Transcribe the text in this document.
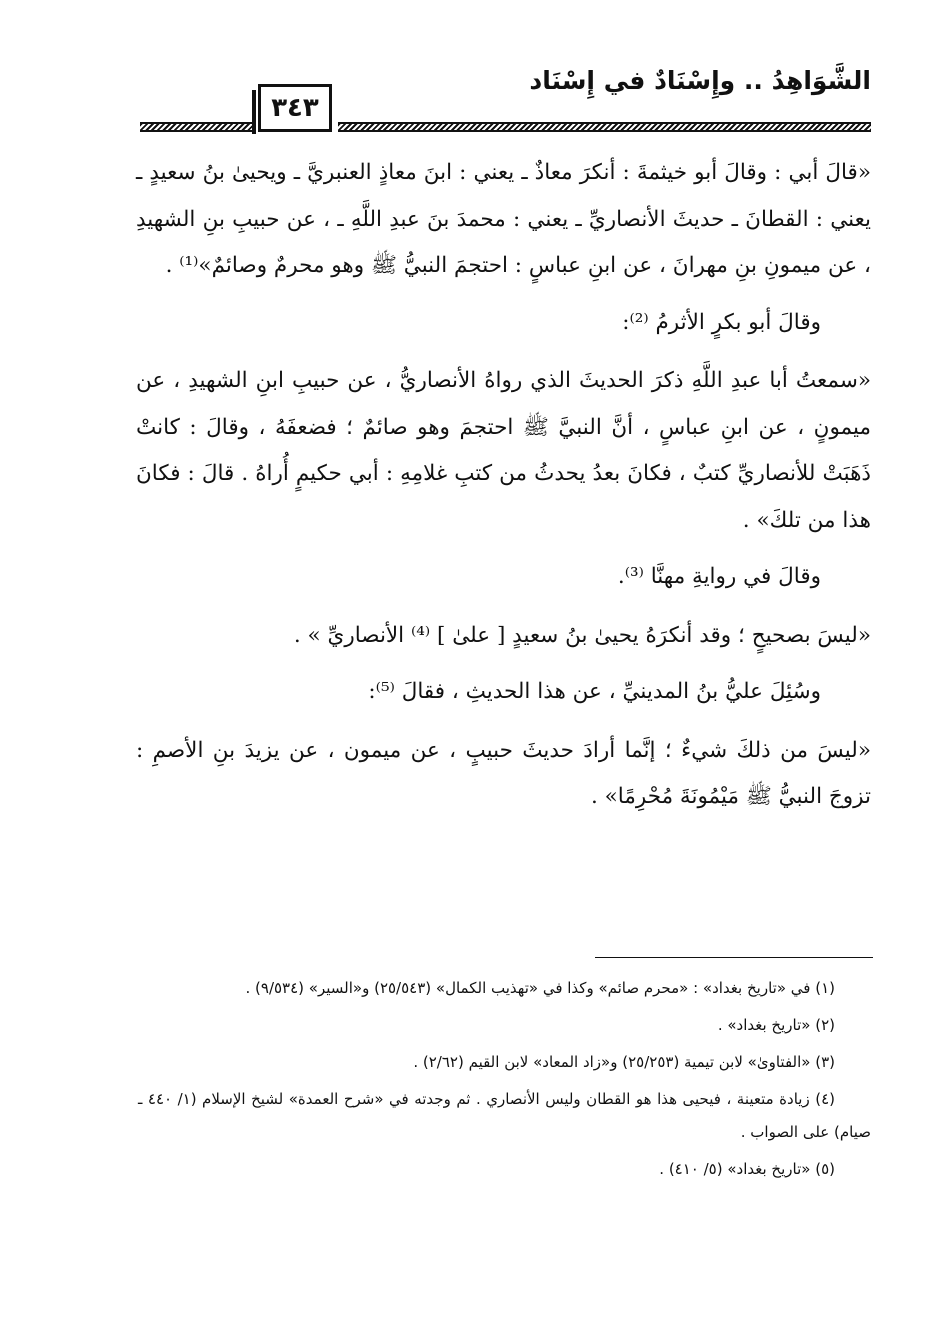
الشَّوَاهِدُ .. وإِسْنَادٌ في إِسْنَاد
٣٤٣

«قالَ أبي : وقالَ أبو خيثمةَ : أنكرَ معاذٌ ـ يعني : ابنَ معاذٍ العنبريَّ ـ ويحيىٰ بنُ سعيدٍ ـ يعني : القطانَ ـ حديثَ الأنصاريِّ ـ يعني : محمدَ بنَ عبدِ اللَّهِ ـ ، عن حبيبِ بنِ الشهيدِ ، عن ميمونِ بنِ مهرانَ ، عن ابنِ عباسٍ : احتجمَ النبيُّ ﷺ وهو محرمٌ وصائمٌ»⁽¹⁾ .

وقالَ أبو بكرٍ الأثرمُ ⁽²⁾:

«سمعتُ أبا عبدِ اللَّهِ ذكرَ الحديثَ الذي رواهُ الأنصاريُّ ، عن حبيبِ ابنِ الشهيدِ ، عن ميمونٍ ، عن ابنِ عباسٍ ، أنَّ النبيَّ ﷺ احتجمَ وهو صائمٌ ؛ فضعفَهُ ، وقالَ : كانتْ ذَهَبَتْ للأنصاريِّ كتبٌ ، فكانَ بعدُ يحدثُ من كتبِ غلامِهِ : أبي حكيمٍ أُراهُ . قالَ : فكانَ هذا من تلكَ» .

وقالَ في روايةِ مهنَّا ⁽³⁾.

«ليسَ بصحيحٍ ؛ وقد أنكرَهُ يحيىٰ بنُ سعيدٍ [ علىٰ ] ⁽⁴⁾ الأنصاريِّ » .

وسُئِلَ عليُّ بنُ المدينيِّ ، عن هذا الحديثِ ، فقالَ ⁽⁵⁾:

«ليسَ من ذلكَ شيءٌ ؛ إنَّما أرادَ حديثَ حبيبٍ ، عن ميمون ، عن يزيدَ بنِ الأصمِ : تزوجَ النبيُّ ﷺ مَيْمُونَةَ مُحْرِمًا» .

(١) في «تاريخ بغداد» : «محرم صائم» وكذا في «تهذيب الكمال» (٢٥/٥٤٣) و«السير» (٩/٥٣٤) .

(٢) «تاريخ بغداد» .

(٣) «الفتاوىٰ» لابن تيمية (٢٥/٢٥٣) و«زاد المعاد» لابن القيم (٢/٦٢) .

(٤) زيادة متعينة ، فيحيى هذا هو القطان وليس الأنصاري . ثم وجدته في «شرح العمدة» لشيخ الإسلام (١/ ٤٤٠ ـ صيام) على الصواب .

(٥) «تاريخ بغداد» (٥/ ٤١٠) .
